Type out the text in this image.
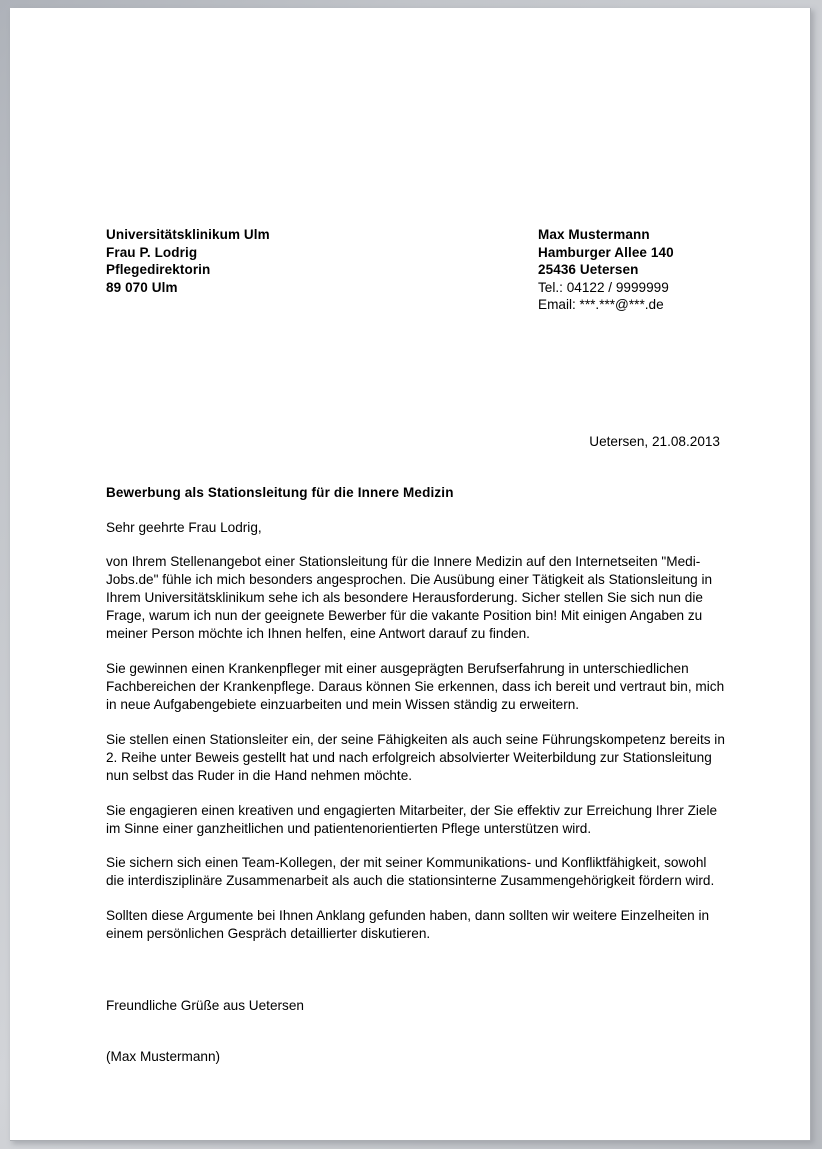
Universitätsklinikum Ulm
Frau P. Lodrig
Pflegedirektorin
89 070 Ulm
Max Mustermann
Hamburger Allee 140
25436 Uetersen
Tel.: 04122 / 9999999
Email: ***.***@***.de
Uetersen, 21.08.2013
Bewerbung als Stationsleitung für die Innere Medizin
Sehr geehrte Frau Lodrig,

von Ihrem Stellenangebot einer Stationsleitung für die Innere Medizin auf den Internetseiten "Medi-Jobs.de" fühle ich mich besonders angesprochen. Die Ausübung einer Tätigkeit als Stationsleitung in Ihrem Universitätsklinikum sehe ich als besondere Herausforderung. Sicher stellen Sie sich nun die Frage, warum ich nun der geeignete Bewerber für die vakante Position bin! Mit einigen Angaben zu meiner Person möchte ich Ihnen helfen, eine Antwort darauf zu finden.

Sie gewinnen einen Krankenpfleger mit einer ausgeprägten Berufserfahrung in unterschiedlichen Fachbereichen der Krankenpflege. Daraus können Sie erkennen, dass ich bereit und vertraut bin, mich in neue Aufgabengebiete einzuarbeiten und mein Wissen ständig zu erweitern.

Sie stellen einen Stationsleiter ein, der seine Fähigkeiten als auch seine Führungskompetenz bereits in 2. Reihe unter Beweis gestellt hat und nach erfolgreich absolvierter Weiterbildung zur Stationsleitung nun selbst das Ruder in die Hand nehmen möchte.

Sie engagieren einen kreativen und engagierten Mitarbeiter, der Sie effektiv zur Erreichung Ihrer Ziele im Sinne einer ganzheitlichen und patientenorientierten Pflege unterstützen wird.

Sie sichern sich einen Team-Kollegen, der mit seiner Kommunikations- und Konfliktfähigkeit, sowohl die interdisziplinäre Zusammenarbeit als auch die stationsinterne Zusammengehörigkeit fördern wird.

Sollten diese Argumente bei Ihnen Anklang gefunden haben, dann sollten wir weitere Einzelheiten in einem persönlichen Gespräch detaillierter diskutieren.

Freundliche Grüße aus Uetersen
(Max Mustermann)
